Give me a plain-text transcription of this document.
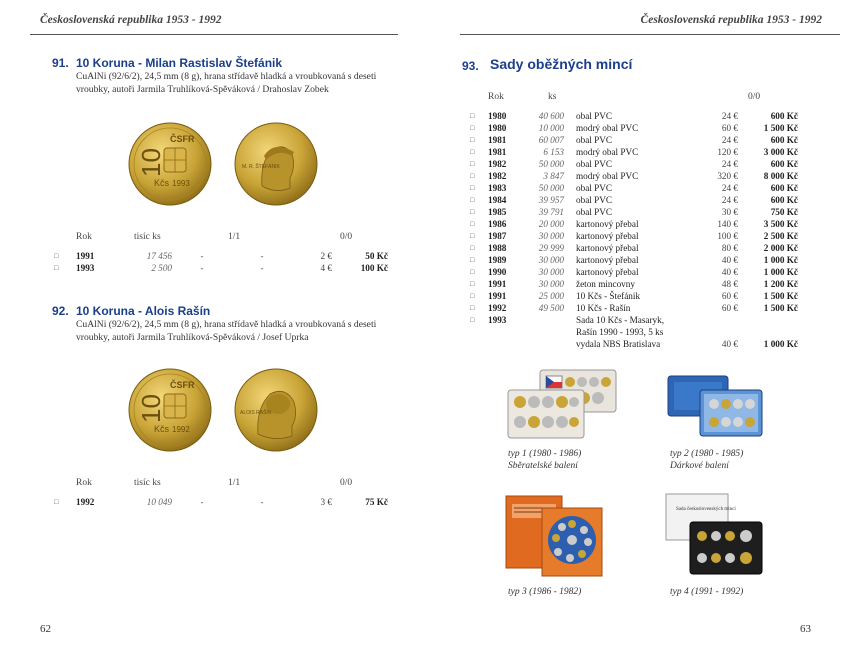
Československá republika 1953 - 1992
91. 10 Koruna - Milan Rastislav Štefánik
CuAlNi (92/6/2), 24,5 mm (8 g), hrana střídavě hladká a vroubkovaná s deseti
vroubky, autoři Jarmila Truhlíková-Spěváková / Drahoslav Zobek
ČSFR
10
Kčs 1993
M. R. ŠTEFÁNIK
Rok	tisíc ks	1/1	0/0
□	1991	17 456	-	-	2 €	50 Kč
□	1993	2 500	-	-	4 €	100 Kč
92. 10 Koruna - Alois Rašín
CuAlNi (92/6/2), 24,5 mm (8 g), hrana střídavě hladká a vroubkovaná s deseti
vroubky, autoři Jarmila Truhlíková-Spěváková / Josef Uprka
ČSFR
10
Kčs 1992
ALOIS RAŠÍN
Rok	tisíc ks	1/1	0/0
□	1992	10 049	-	-	3 €	75 Kč
62
Československá republika 1953 - 1992
93. Sady oběžných mincí
Rok	ks	0/0
□	1980	40 600		obal PVC	24 €	600 Kč
□	1980	10 000		modrý obal PVC	60 €	1 500 Kč
□	1981	60 007		obal PVC	24 €	600 Kč
□	1981	6 153		modrý obal PVC	120 €	3 000 Kč
□	1982	50 000		obal PVC	24 €	600 Kč
□	1982	3 847		modrý obal PVC	320 €	8 000 Kč
□	1983	50 000		obal PVC	24 €	600 Kč
□	1984	39 957		obal PVC	24 €	600 Kč
□	1985	39 791		obal PVC	30 €	750 Kč
□	1986	20 000		kartonový přebal	140 €	3 500 Kč
□	1987	30 000		kartonový přebal	100 €	2 500 Kč
□	1988	29 999		kartonový přebal	80 €	2 000 Kč
□	1989	30 000		kartonový přebal	40 €	1 000 Kč
□	1990	30 000		kartonový přebal	40 €	1 000 Kč
□	1991	30 000		žeton mincovny	48 €	1 200 Kč
□	1991	25 000		10 Kčs - Štefánik	60 €	1 500 Kč
□	1992	49 500		10 Kčs - Rašín	60 €	1 500 Kč
□	1993			Sada 10 Kčs - Masaryk,		
				Rašín 1990 - 1993, 5 ks		
				vydala NBS Bratislava	40 €	1 000 Kč
typ 1 (1980 - 1986)
Sběratelské balení
typ 2 (1980 - 1985)
Dárkové balení
typ 3 (1986 - 1982)
Sada československých mincí
typ 4 (1991 - 1992)
63
